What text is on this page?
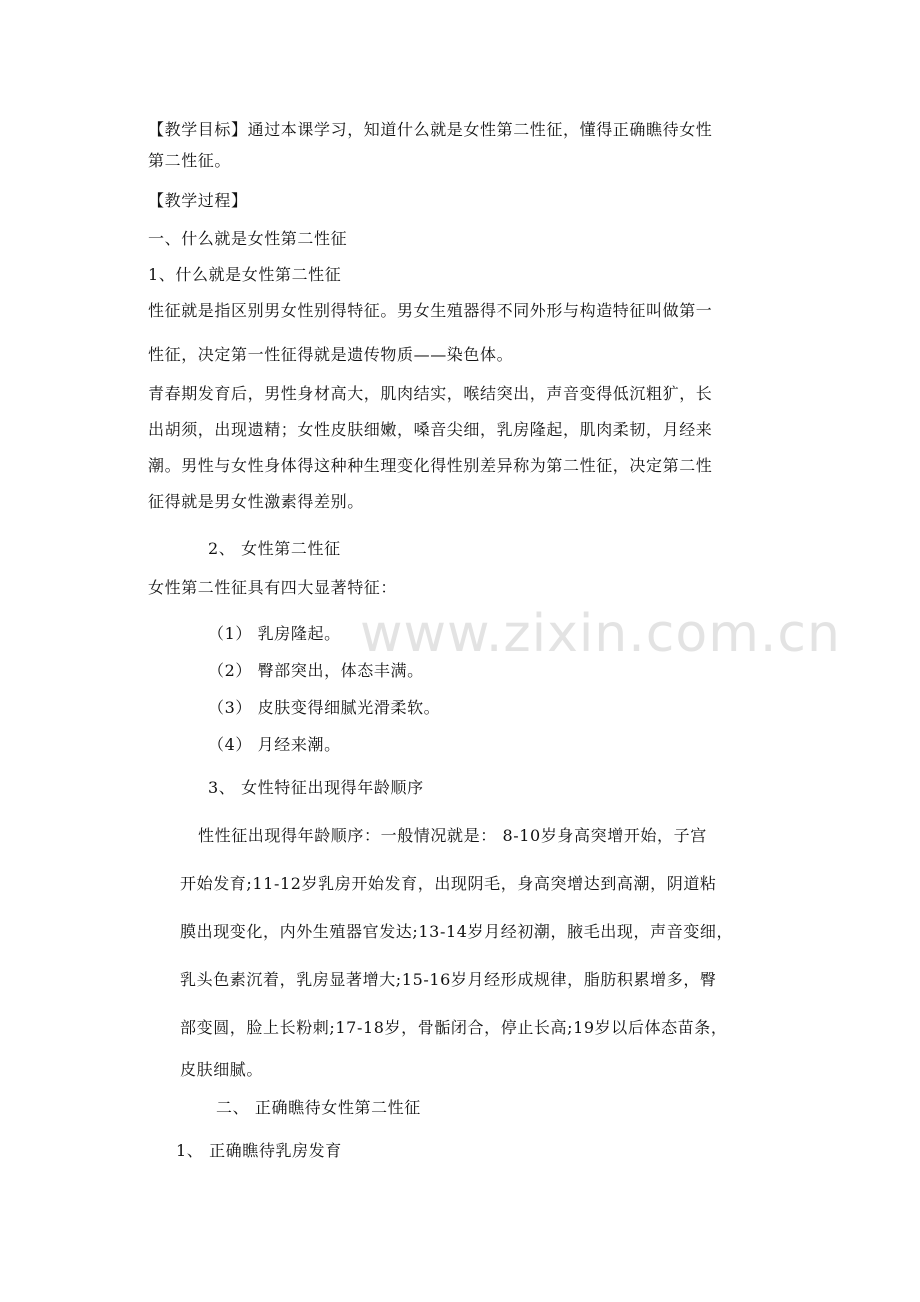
www.zixin.com.cn
【教学目标】通过本课学习，知道什么就是女性第二性征，懂得正确瞧待女性
第二性征。
【教学过程】
一、什么就是女性第二性征
1、什么就是女性第二性征
性征就是指区别男女性别得特征。男女生殖器得不同外形与构造特征叫做第一
性征，决定第一性征得就是遗传物质——染色体。
青春期发育后，男性身材高大，肌肉结实，喉结突出，声音变得低沉粗犷，长
出胡须，出现遗精；女性皮肤细嫩，嗓音尖细，乳房隆起，肌肉柔韧，月经来
潮。男性与女性身体得这种种生理变化得性别差异称为第二性征，决定第二性
征得就是男女性激素得差别。
2、 女性第二性征
女性第二性征具有四大显著特征：
（1） 乳房隆起。
（2） 臀部突出，体态丰满。
（3） 皮肤变得细腻光滑柔软。
（4） 月经来潮。
3、 女性特征出现得年龄顺序
性性征出现得年龄顺序：一般情况就是： 8-10岁身高突增开始，子宫
开始发育;11-12岁乳房开始发育，出现阴毛，身高突增达到高潮，阴道粘
膜出现变化，内外生殖器官发达;13-14岁月经初潮，腋毛出现，声音变细，
乳头色素沉着，乳房显著增大;15-16岁月经形成规律，脂肪积累增多，臀
部变圆，脸上长粉刺;17-18岁，骨骺闭合，停止长高;19岁以后体态苗条，
皮肤细腻。
二、 正确瞧待女性第二性征
1、 正确瞧待乳房发育
